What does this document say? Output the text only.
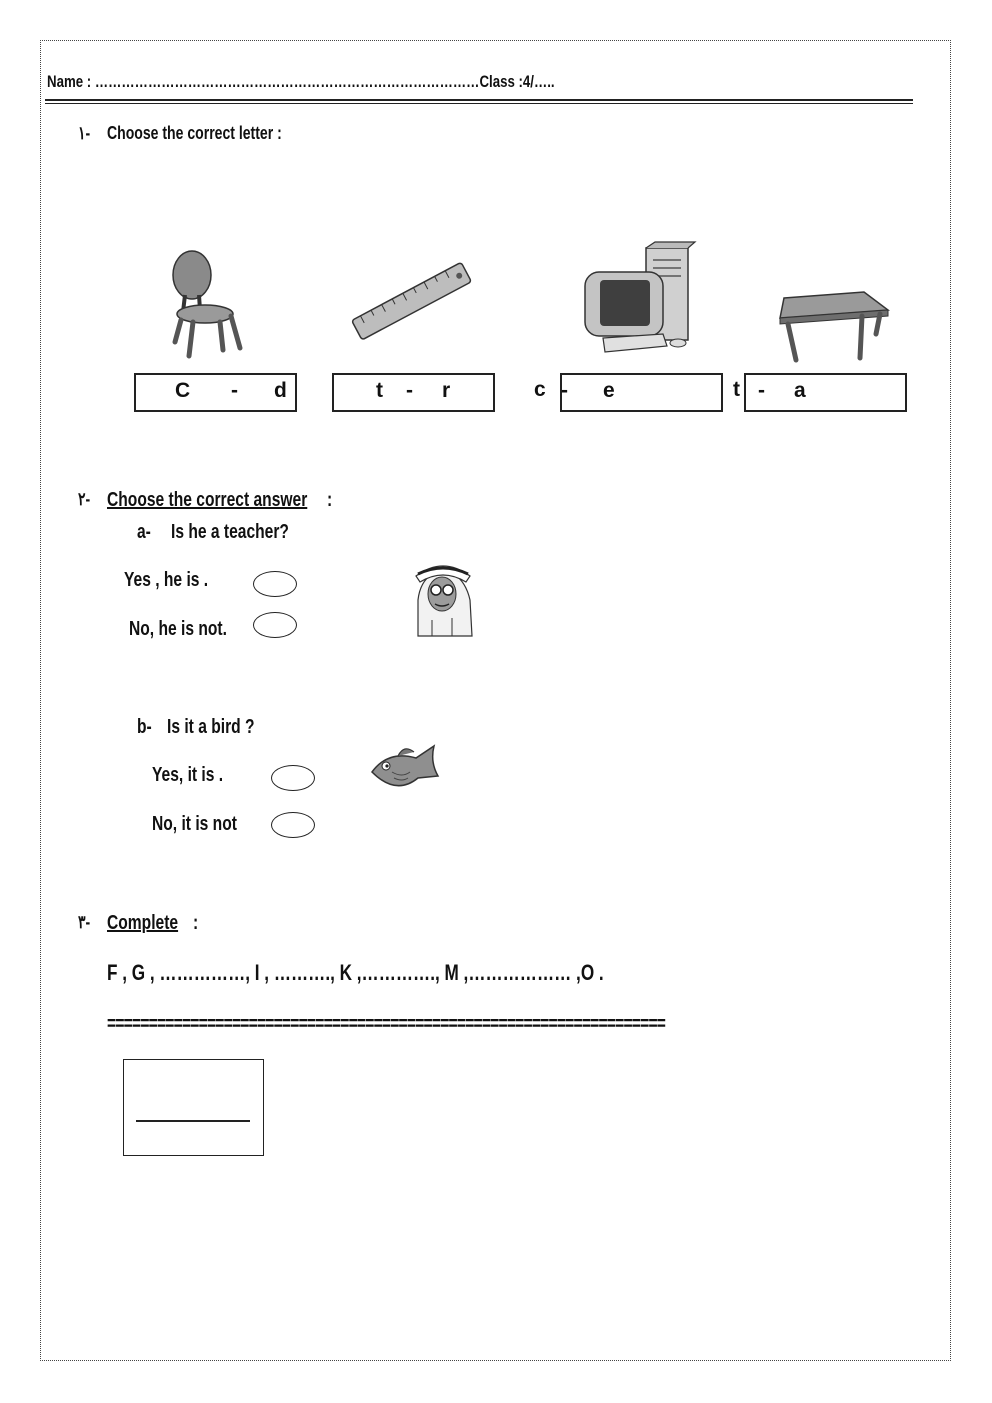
Name : ……………………………………………………………………………Class :4/…..
١- Choose the correct letter :
C - d	t - r	c - e	t - a
٢- Choose the correct answer :
a- Is he a teacher?
Yes , he is .
No, he is not.
b- Is it a bird ?
Yes, it is .
No, it is not
٣- Complete :
F , G , ……………, I , ………., K ,…………., M ,……………… ,O .
===================================================================
